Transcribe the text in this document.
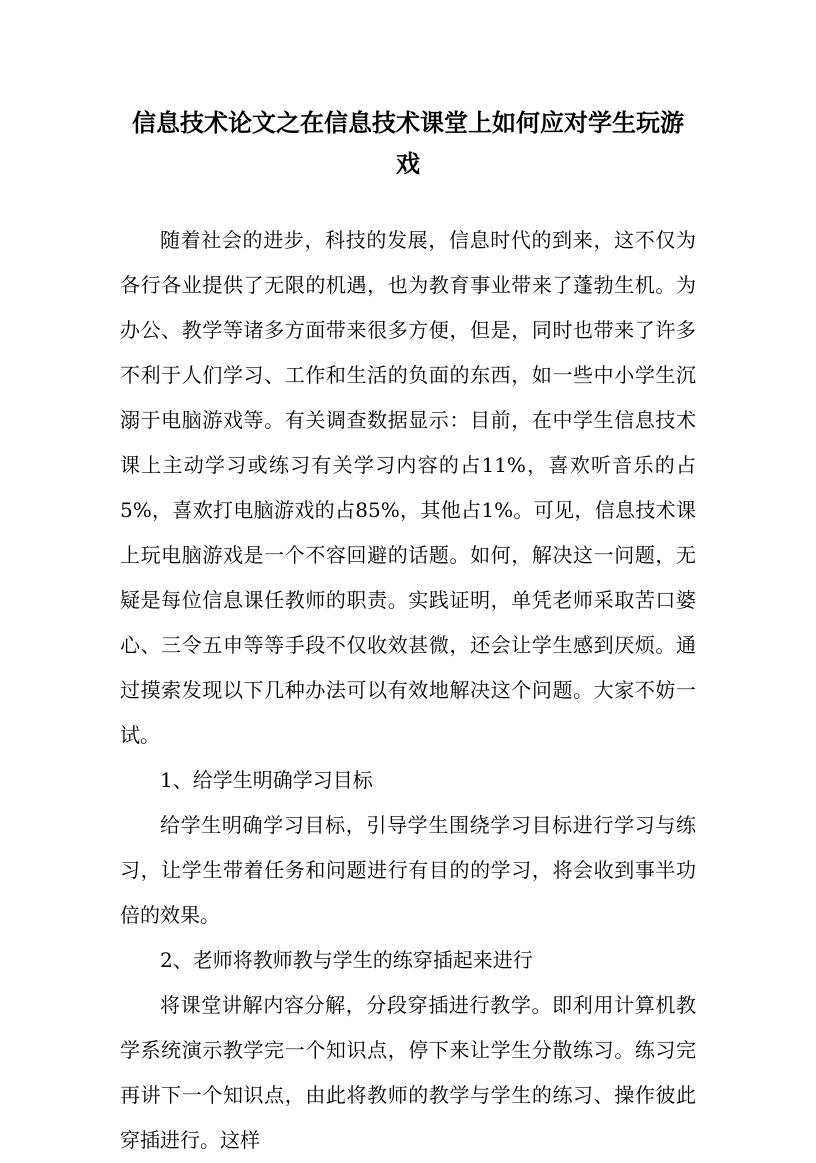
信息技术论文之在信息技术课堂上如何应对学生玩游
戏

随着社会的进步，科技的发展，信息时代的到来，这不仅为各行各业提供了无限的机遇，也为教育事业带来了蓬勃生机。为办公、教学等诸多方面带来很多方便，但是，同时也带来了许多不利于人们学习、工作和生活的负面的东西，如一些中小学生沉溺于电脑游戏等。有关调查数据显示：目前，在中学生信息技术课上主动学习或练习有关学习内容的占11%，喜欢听音乐的占5%，喜欢打电脑游戏的占85%，其他占1%。可见，信息技术课上玩电脑游戏是一个不容回避的话题。如何，解决这一问题，无疑是每位信息课任教师的职责。实践证明，单凭老师采取苦口婆心、三令五申等等手段不仅收效甚微，还会让学生感到厌烦。通过摸索发现以下几种办法可以有效地解决这个问题。大家不妨一试。

1、给学生明确学习目标

给学生明确学习目标，引导学生围绕学习目标进行学习与练习，让学生带着任务和问题进行有目的的学习，将会收到事半功倍的效果。

2、老师将教师教与学生的练穿插起来进行

将课堂讲解内容分解，分段穿插进行教学。即利用计算机教学系统演示教学完一个知识点，停下来让学生分散练习。练习完再讲下一个知识点，由此将教师的教学与学生的练习、操作彼此穿插进行。这样
